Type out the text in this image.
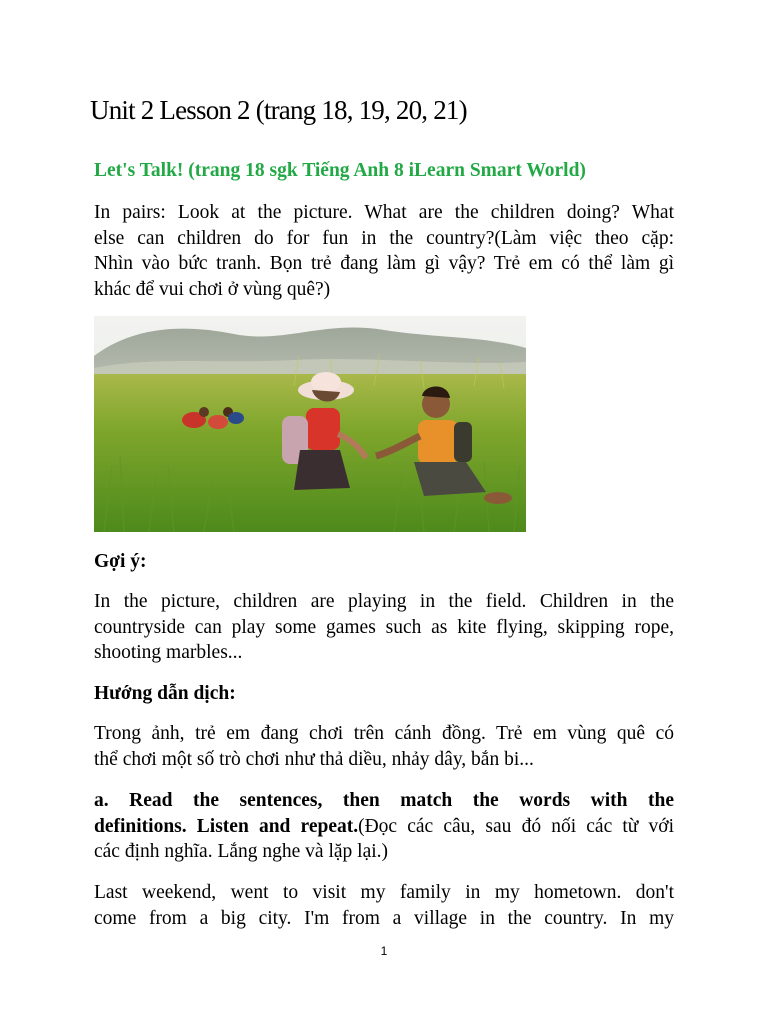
Unit 2 Lesson 2 (trang 18, 19, 20, 21)
Let's Talk! (trang 18 sgk Tiếng Anh 8 iLearn Smart World)
In pairs: Look at the picture. What are the children doing? What
else can children do for fun in the country?(Làm việc theo cặp:
Nhìn vào bức tranh. Bọn trẻ đang làm gì vậy? Trẻ em có thể làm gì
khác để vui chơi ở vùng quê?)
Gợi ý:
In the picture, children are playing in the field. Children in the
countryside can play some games such as kite flying, skipping rope,
shooting marbles...
Hướng dẫn dịch:
Trong ảnh, trẻ em đang chơi trên cánh đồng. Trẻ em vùng quê có
thể chơi một số trò chơi như thả diều, nhảy dây, bắn bi...
a. Read the sentences, then match the words with the
definitions. Listen and repeat.(Đọc các câu, sau đó nối các từ với
các định nghĩa. Lắng nghe và lặp lại.)
Last weekend, went to visit my family in my hometown. don't
come from a big city. I'm from a village in the country. In my
1
